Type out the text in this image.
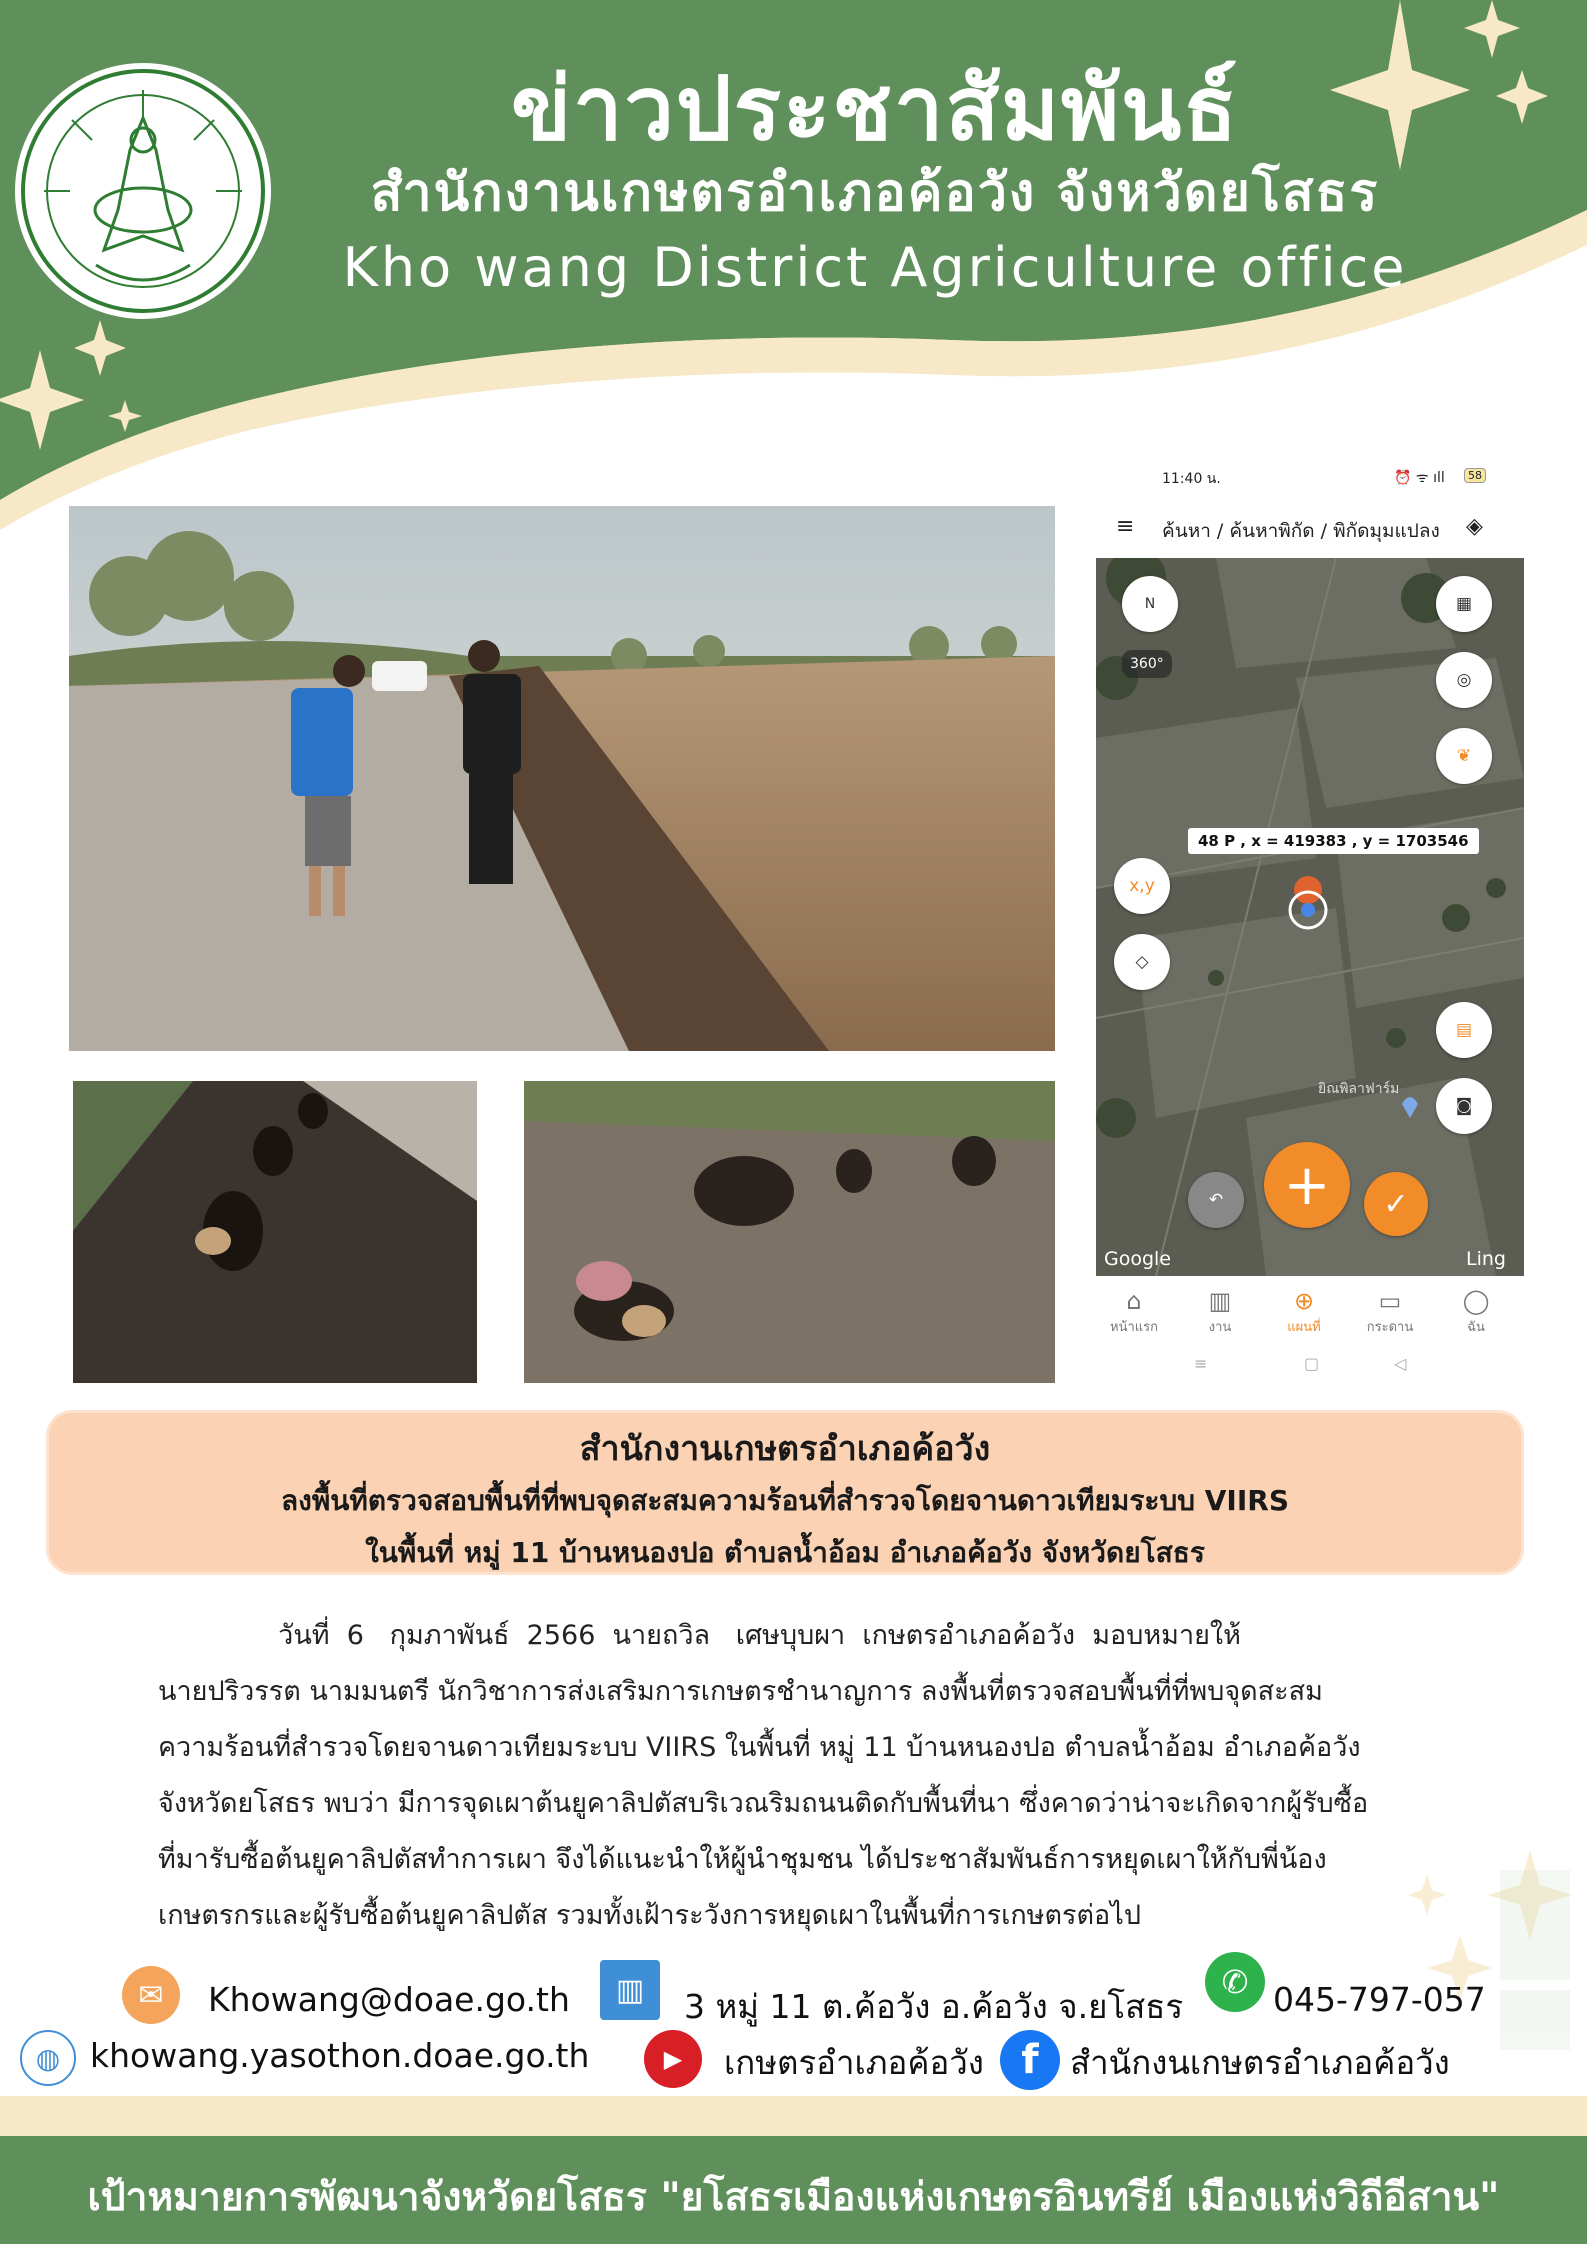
ข่าวประชาสัมพันธ์
สำนักงานเกษตรอำเภอค้อวัง จังหวัดยโสธร
Kho wang District Agriculture office
11:40 น.	⏰ ᯤ ıll	58
≡ ค้นหา / ค้นหาพิกัด / พิกัดมุมแปลง ◈
N
360°
▦
◎
❦
48 P , x = 419383 , y = 1703546
x,y
◇
▤
◙
ยิณพิลาฟาร์ม
↶	+	✓
Google	Ling
⌂
หน้าแรก
▥
งาน
⊕
แผนที่
▭
กระดาน
◯
ฉัน
≡	▢	◁
สำนักงานเกษตรอำเภอค้อวัง
ลงพื้นที่ตรวจสอบพื้นที่ที่พบจุดสะสมความร้อนที่สำรวจโดยจานดาวเทียมระบบ VIIRS
ในพื้นที่ หมู่ 11 บ้านหนองปอ ตำบลน้ำอ้อม อำเภอค้อวัง จังหวัดยโสธร

วันที่  6   กุมภาพันธ์  2566  นายถวิล   เศษบุบผา  เกษตรอำเภอค้อวัง  มอบหมายให้

นายปริวรรต นามมนตรี นักวิชาการส่งเสริมการเกษตรชำนาญการ ลงพื้นที่ตรวจสอบพื้นที่ที่พบจุดสะสม

ความร้อนที่สำรวจโดยจานดาวเทียมระบบ VIIRS ในพื้นที่ หมู่ 11 บ้านหนองปอ ตำบลน้ำอ้อม อำเภอค้อวัง

จังหวัดยโสธร พบว่า มีการจุดเผาต้นยูคาลิปตัสบริเวณริมถนนติดกับพื้นที่นา ซึ่งคาดว่าน่าจะเกิดจากผู้รับซื้อ

ที่มารับซื้อต้นยูคาลิปตัสทำการเผา จึงได้แนะนำให้ผู้นำชุมชน ได้ประชาสัมพันธ์การหยุดเผาให้กับพี่น้อง

เกษตรกรและผู้รับซื้อต้นยูคาลิปตัส รวมทั้งเฝ้าระวังการหยุดเผาในพื้นที่การเกษตรต่อไป

✉	Khowang@doae.go.th	▥	3 หมู่ 11 ต.ค้อวัง อ.ค้อวัง จ.ยโสธร
✆ 045-797-057
◍ khowang.yasothon.doae.go.th	▶	เกษตรอำเภอค้อวัง f สำนักงนเกษตรอำเภอค้อวัง
เป้าหมายการพัฒนาจังหวัดยโสธร "ยโสธรเมืองแห่งเกษตรอินทรีย์ เมืองแห่งวิถีอีสาน"
